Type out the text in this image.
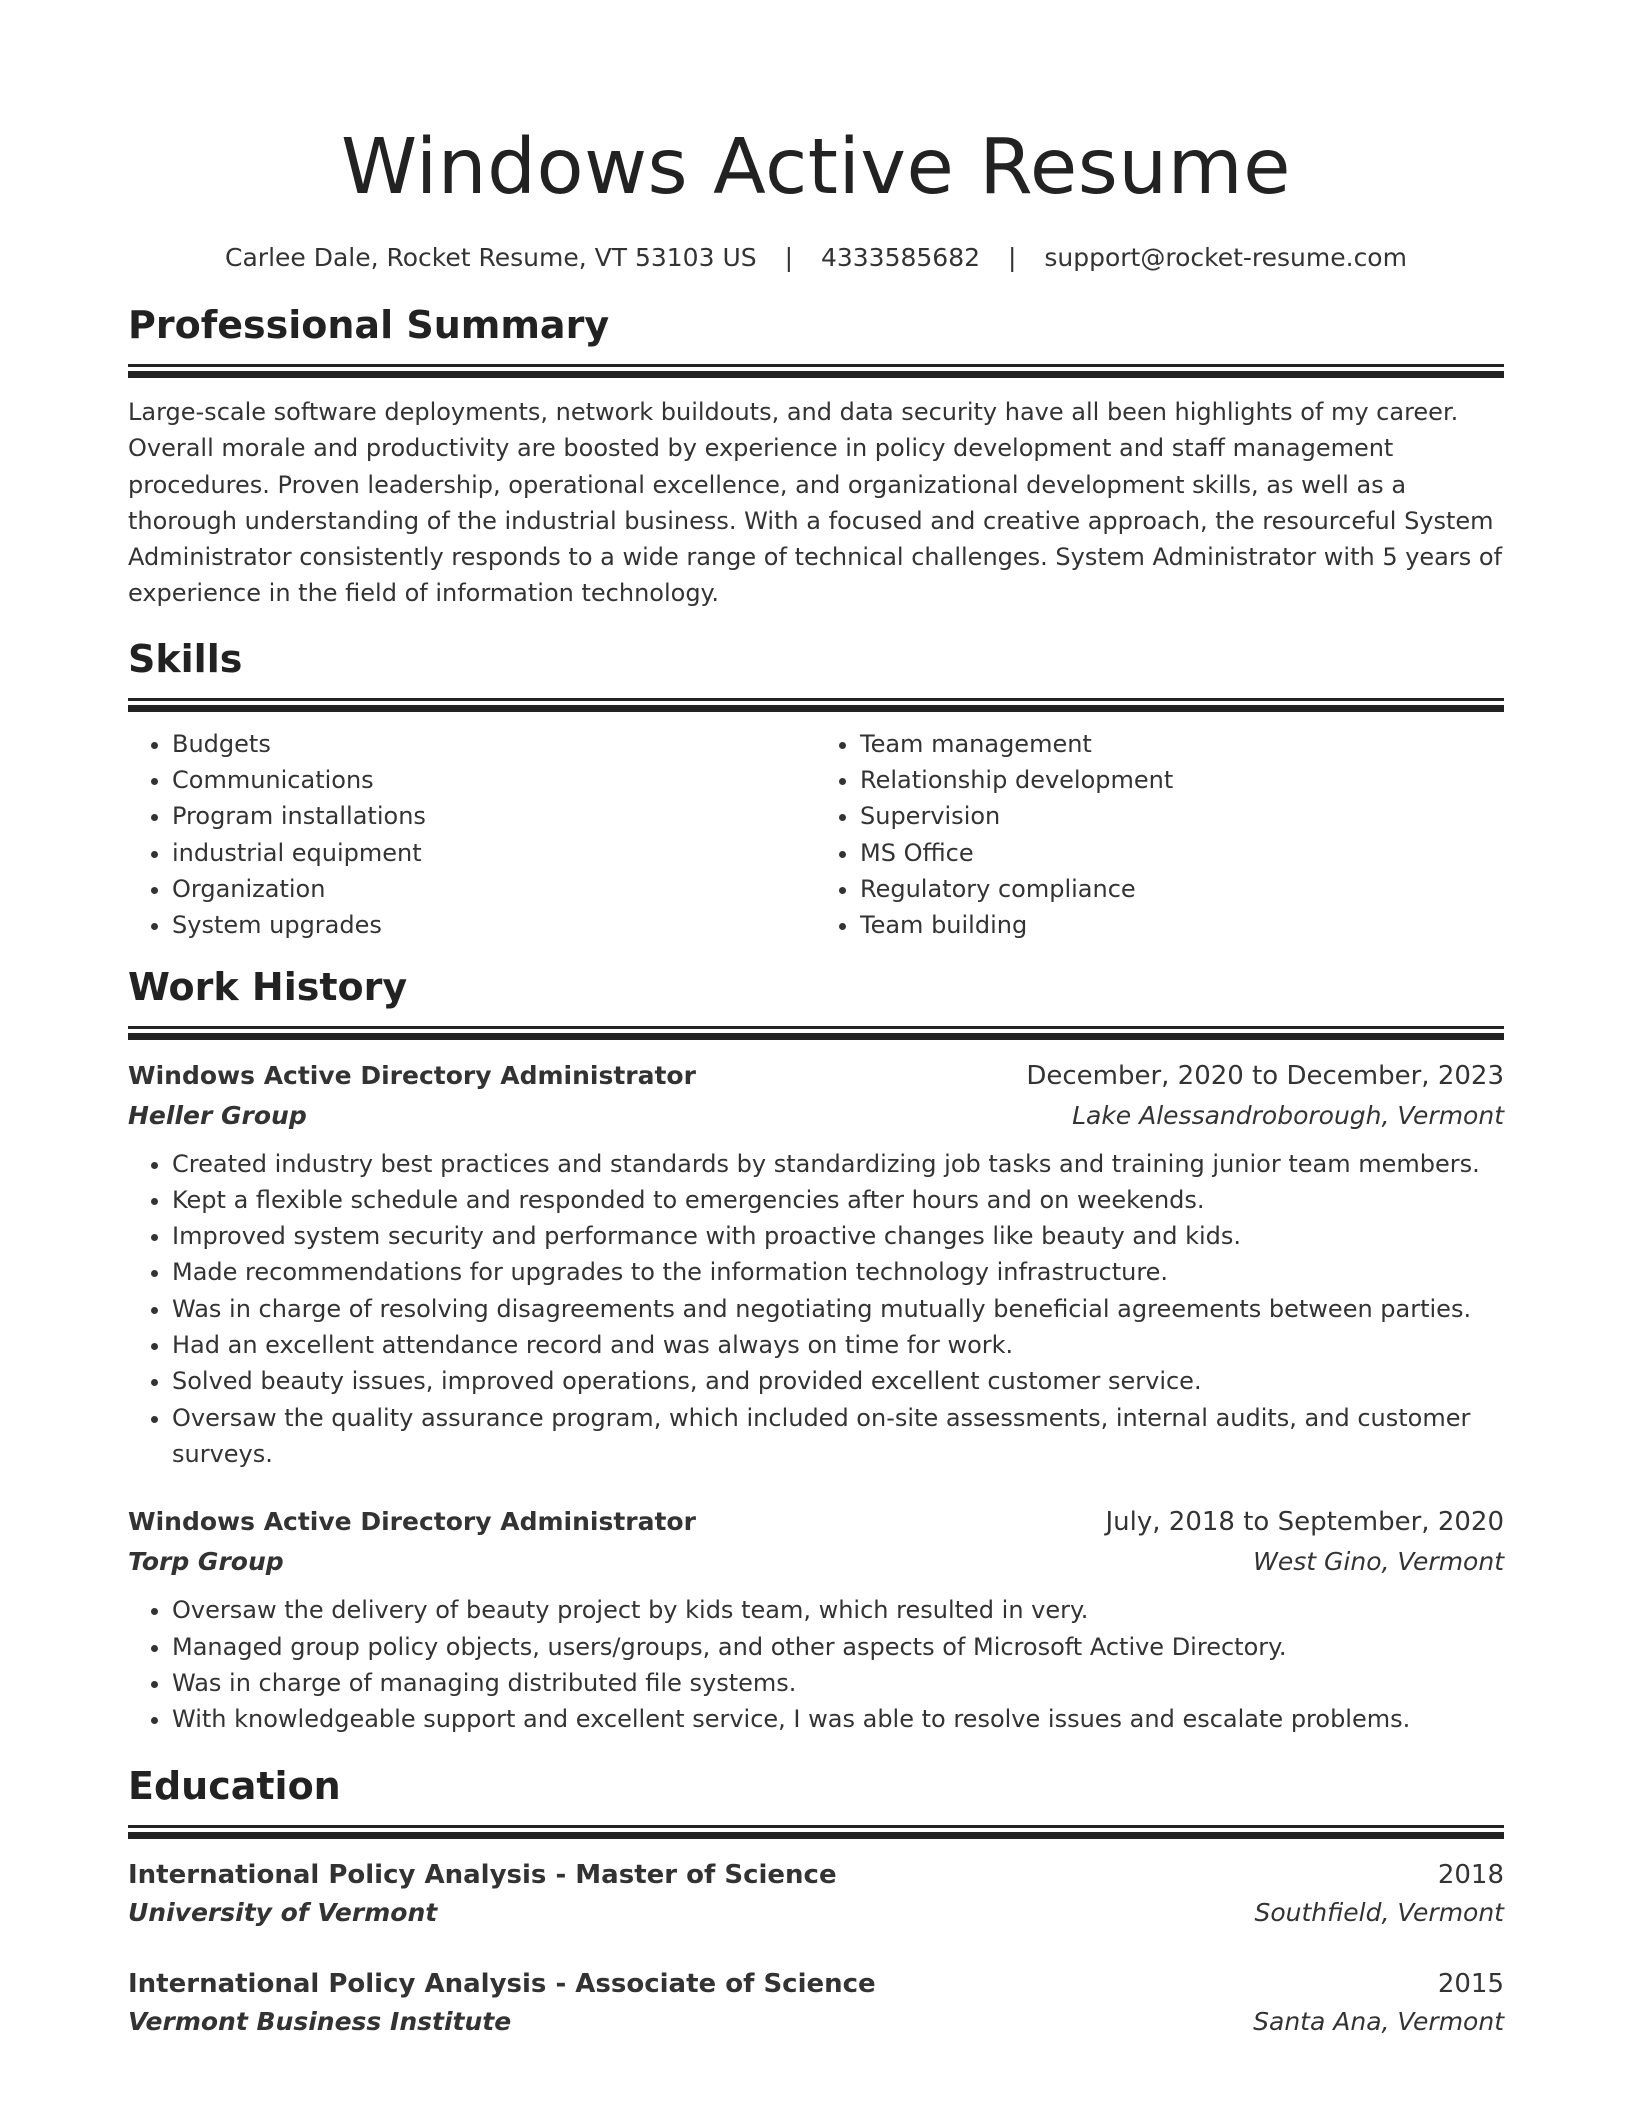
Windows Active Resume
Carlee Dale, Rocket Resume, VT 53103 US | 4333585682 | support@rocket-resume.com
Professional Summary

Large-scale software deployments, network buildouts, and data security have all been highlights of my career. Overall morale and productivity are boosted by experience in policy development and staff management procedures. Proven leadership, operational excellence, and organizational development skills, as well as a thorough understanding of the industrial business. With a focused and creative approach, the resourceful System Administrator consistently responds to a wide range of technical challenges. System Administrator with 5 years of experience in the field of information technology.

Skills
• Budgets
• Communications
• Program installations
• industrial equipment
• Organization
• System upgrades
• Team management
• Relationship development
• Supervision
• MS Office
• Regulatory compliance
• Team building
Work History
Windows Active Directory Administrator	December, 2020 to December, 2023
Heller Group	Lake Alessandroborough, Vermont
• Created industry best practices and standards by standardizing job tasks and training junior team members.
• Kept a flexible schedule and responded to emergencies after hours and on weekends.
• Improved system security and performance with proactive changes like beauty and kids.
• Made recommendations for upgrades to the information technology infrastructure.
• Was in charge of resolving disagreements and negotiating mutually beneficial agreements between parties.
• Had an excellent attendance record and was always on time for work.
• Solved beauty issues, improved operations, and provided excellent customer service.
• Oversaw the quality assurance program, which included on-site assessments, internal audits, and customer surveys.
Windows Active Directory Administrator	July, 2018 to September, 2020
Torp Group	West Gino, Vermont
• Oversaw the delivery of beauty project by kids team, which resulted in very.
• Managed group policy objects, users/groups, and other aspects of Microsoft Active Directory.
• Was in charge of managing distributed file systems.
• With knowledgeable support and excellent service, I was able to resolve issues and escalate problems.
Education
International Policy Analysis - Master of Science	2018
University of Vermont	Southfield, Vermont
International Policy Analysis - Associate of Science	2015
Vermont Business Institute	Santa Ana, Vermont
